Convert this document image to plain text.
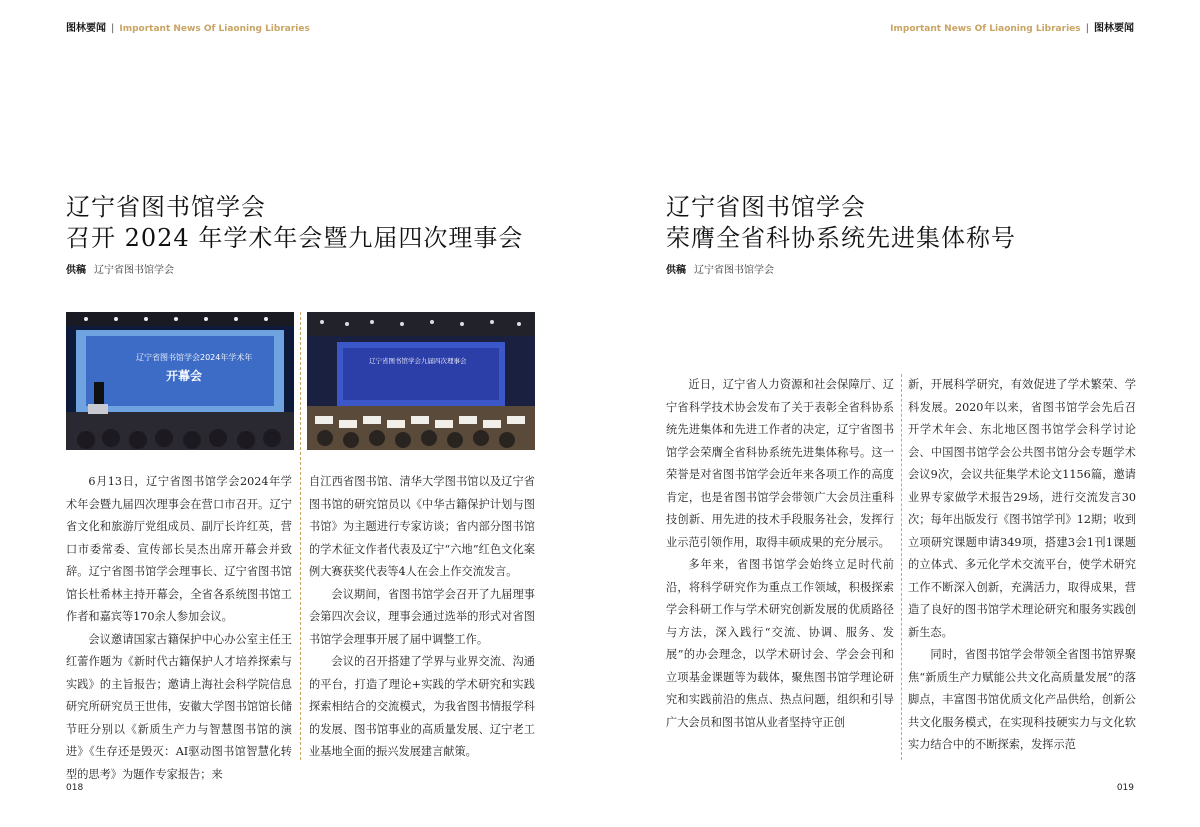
图林要闻 | Important News Of Liaoning Libraries
辽宁省图书馆学会
召开 2024 年学术年会暨九届四次理事会
供稿 辽宁省图书馆学会
辽宁省图书馆学会2024年学术年
开幕会
辽宁省图书馆学会九届四次理事会

6月13日，辽宁省图书馆学会2024年学术年会暨九届四次理事会在营口市召开。辽宁省文化和旅游厅党组成员、副厅长许红英，营口市委常委、宣传部长吴杰出席开幕会并致辞。辽宁省图书馆学会理事长、辽宁省图书馆馆长杜希林主持开幕会，全省各系统图书馆工作者和嘉宾等170余人参加会议。

会议邀请国家古籍保护中心办公室主任王红蕾作题为《新时代古籍保护人才培养探索与实践》的主旨报告；邀请上海社会科学院信息研究所研究员王世伟，安徽大学图书馆馆长储节旺分别以《新质生产力与智慧图书馆的演进》《生存还是毁灭：AI驱动图书馆智慧化转型的思考》为题作专家报告；来

自江西省图书馆、清华大学图书馆以及辽宁省图书馆的研究馆员以《中华古籍保护计划与图书馆》为主题进行专家访谈；省内部分图书馆的学术征文作者代表及辽宁“六地”红色文化案例大赛获奖代表等4人在会上作交流发言。

会议期间，省图书馆学会召开了九届理事会第四次会议，理事会通过选举的形式对省图书馆学会理事开展了届中调整工作。

会议的召开搭建了学界与业界交流、沟通的平台，打造了理论+实践的学术研究和实践探索相结合的交流模式，为我省图书情报学科的发展、图书馆事业的高质量发展、辽宁老工业基地全面的振兴发展建言献策。

018
Important News Of Liaoning Libraries | 图林要闻
辽宁省图书馆学会
荣膺全省科协系统先进集体称号
供稿 辽宁省图书馆学会

近日，辽宁省人力资源和社会保障厅、辽宁省科学技术协会发布了关于表彰全省科协系统先进集体和先进工作者的决定，辽宁省图书馆学会荣膺全省科协系统先进集体称号。这一荣誉是对省图书馆学会近年来各项工作的高度肯定，也是省图书馆学会带领广大会员注重科技创新、用先进的技术手段服务社会，发挥行业示范引领作用，取得丰硕成果的充分展示。

多年来，省图书馆学会始终立足时代前沿，将科学研究作为重点工作领域，积极探索学会科研工作与学术研究创新发展的优质路径与方法，深入践行“交流、协调、服务、发展”的办会理念，以学术研讨会、学会会刊和立项基金课题等为载体，聚焦图书馆学理论研究和实践前沿的焦点、热点问题，组织和引导广大会员和图书馆从业者坚持守正创

新，开展科学研究，有效促进了学术繁荣、学科发展。2020年以来，省图书馆学会先后召开学术年会、东北地区图书馆学会科学讨论会、中国图书馆学会公共图书馆分会专题学术会议9次，会议共征集学术论文1156篇，邀请业界专家做学术报告29场，进行交流发言30次；每年出版发行《图书馆学刊》12期；收到立项研究课题申请349项，搭建3会1刊1课题的立体式、多元化学术交流平台，使学术研究工作不断深入创新，充满活力，取得成果，营造了良好的图书馆学术理论研究和服务实践创新生态。

同时，省图书馆学会带领全省图书馆界聚焦“新质生产力赋能公共文化高质量发展”的落脚点，丰富图书馆优质文化产品供给，创新公共文化服务模式，在实现科技硬实力与文化软实力结合中的不断探索，发挥示范

019
